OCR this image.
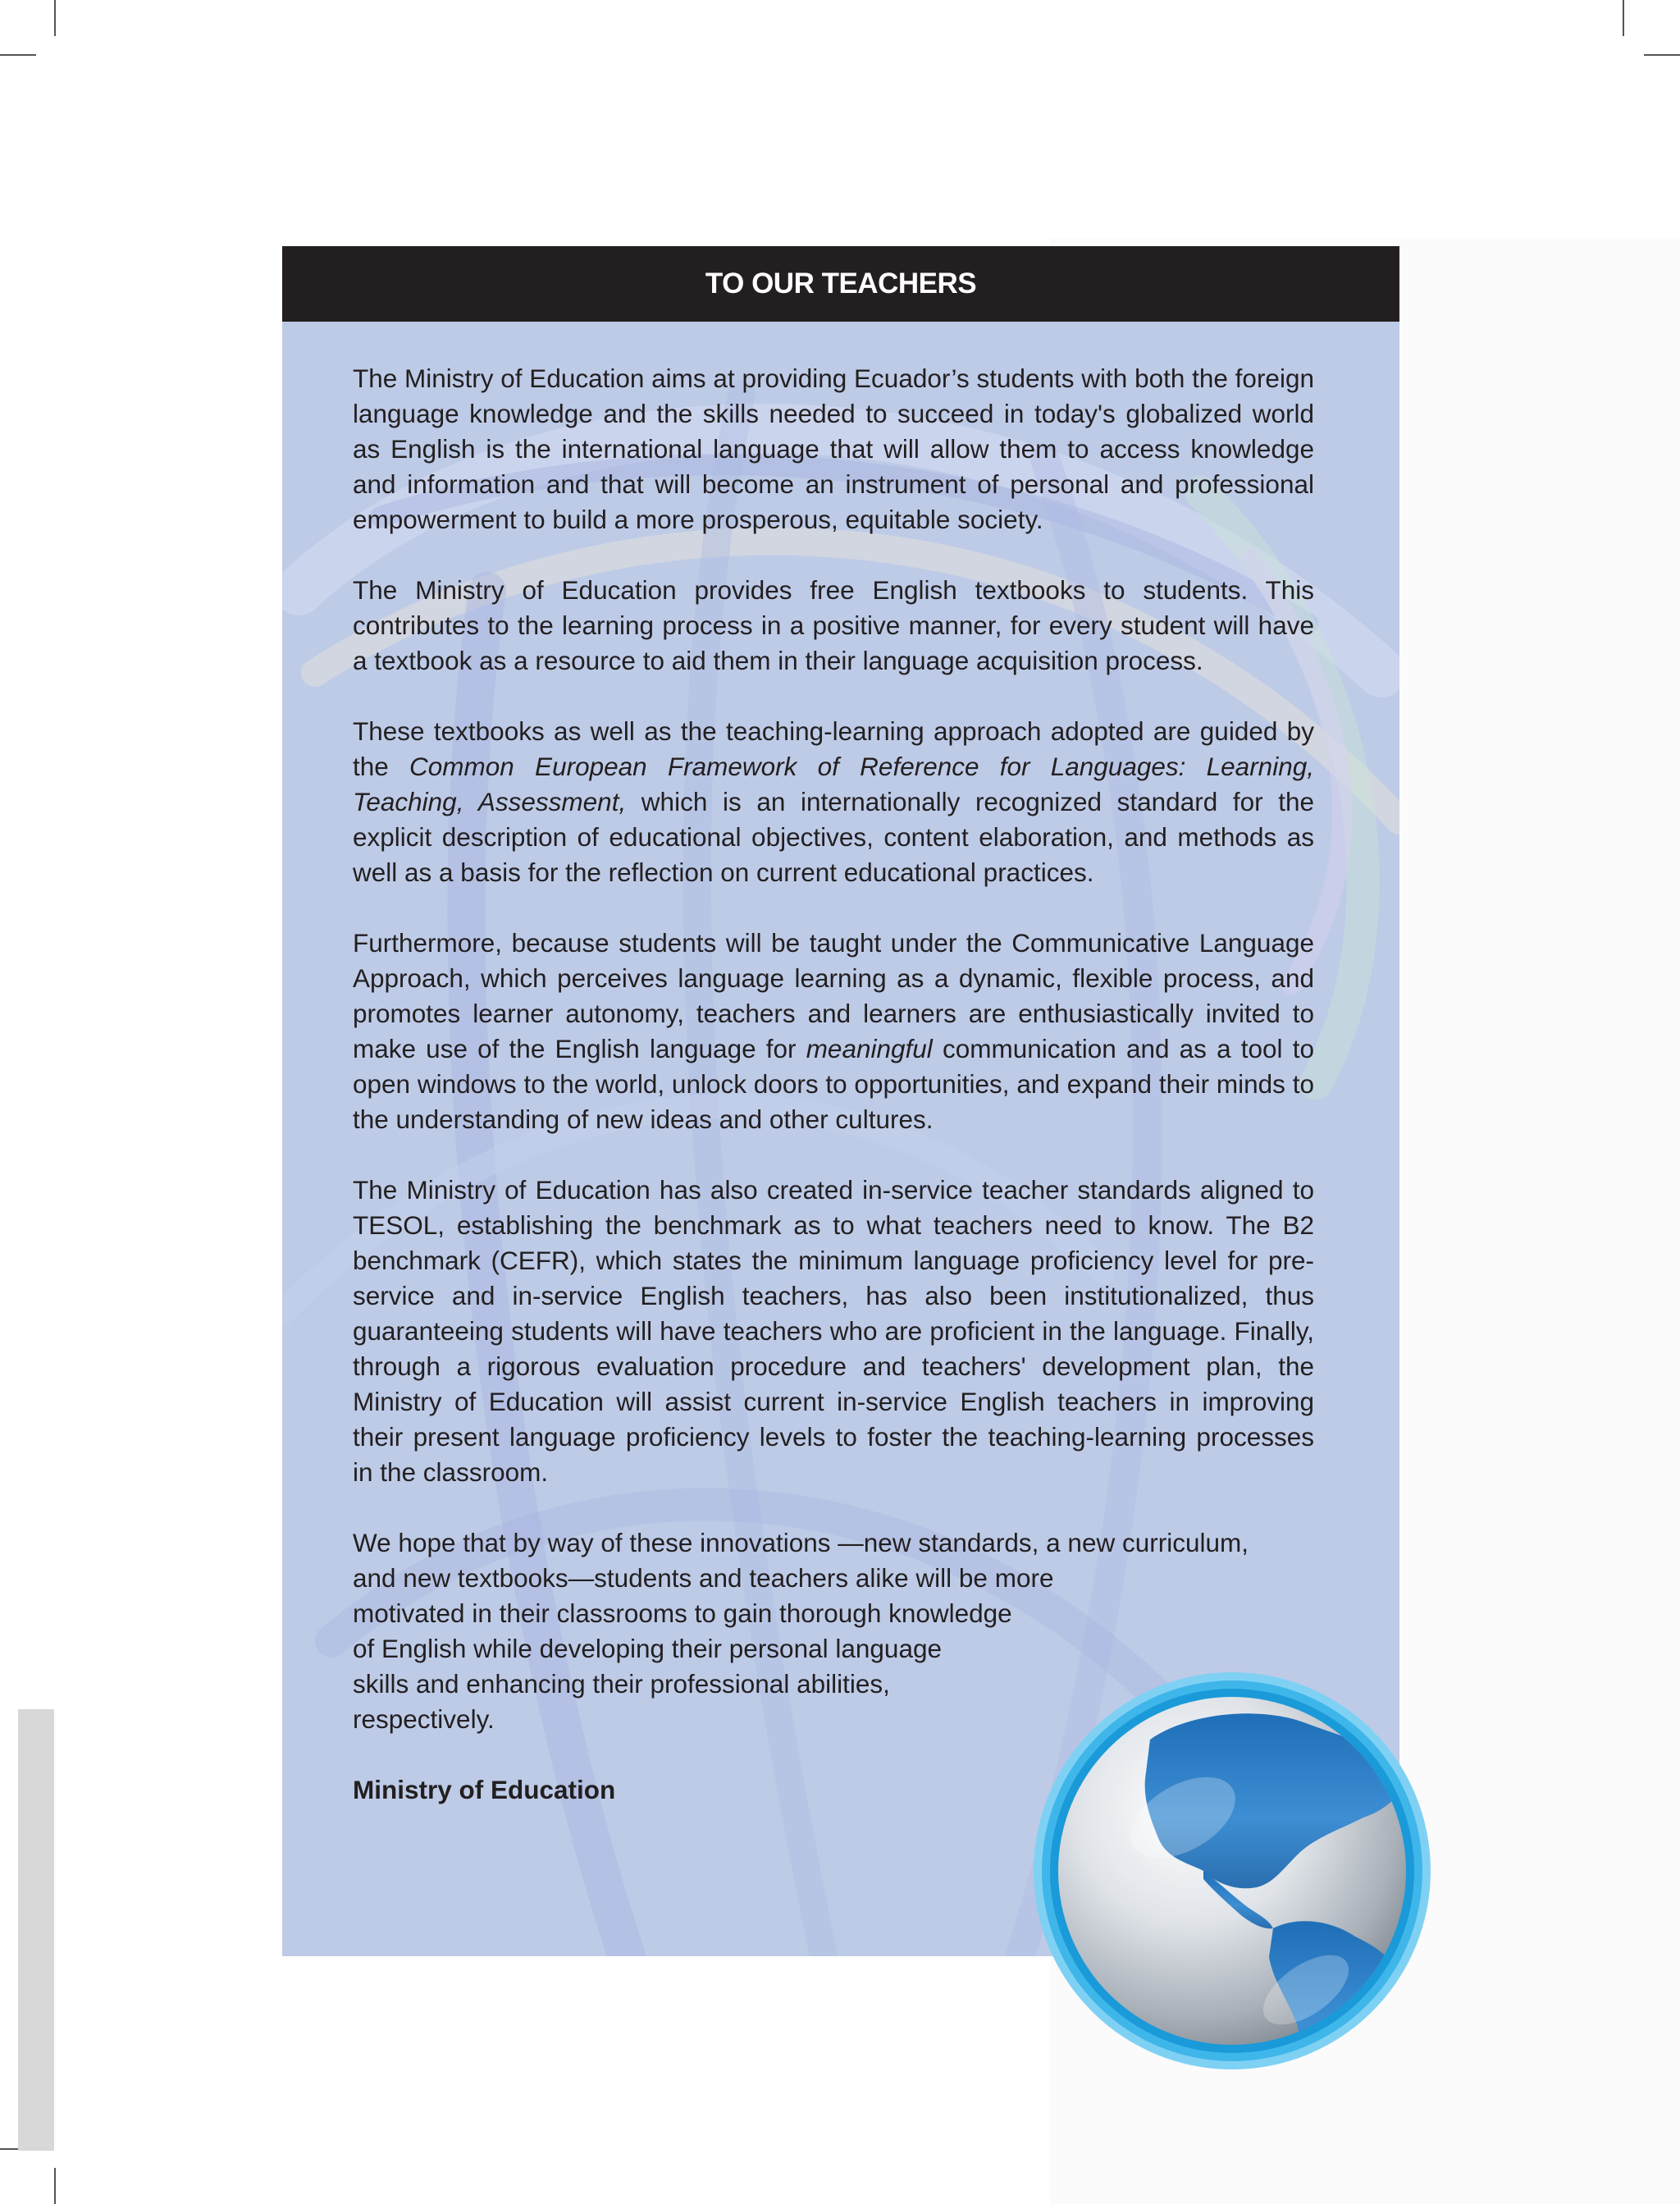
TO OUR TEACHERS

The Ministry of Education aims at providing Ecuador’s students with both the foreign language knowledge and the skills needed to succeed in today's globalized world as English is the international language that will allow them to access knowledge and information and that will become an instrument of personal and professional empowerment to build a more prosperous, equitable society.

The Ministry of Education provides free English textbooks to students. This contributes to the learning process in a positive manner, for every student will have a textbook as a resource to aid them in their language acquisition process.

These textbooks as well as the teaching-learning approach adopted are guided by the Common European Framework of Reference for Languages: Learning, Teaching, Assessment, which is an internationally recognized standard for the explicit description of educational objectives, content elaboration, and methods as well as a basis for the reflection on current educational practices.

Furthermore, because students will be taught under the Communicative Language Approach, which perceives language learning as a dynamic, flexible process, and promotes learner autonomy, teachers and learners are enthusiastically invited to make use of the English language for meaningful communication and as a tool to open windows to the world, unlock doors to opportunities, and expand their minds to the understanding of new ideas and other cultures.

The Ministry of Education has also created in-service teacher standards aligned to TESOL, establishing the benchmark as to what teachers need to know. The B2 benchmark (CEFR), which states the minimum language proficiency level for pre-service and in-service English teachers, has also been institutionalized, thus guaranteeing students will have teachers who are proficient in the language. Finally, through a rigorous evaluation procedure and teachers' development plan, the Ministry of Education will assist current in-service English teachers in improving their present language proficiency levels to foster the teaching-learning processes in the classroom.

We hope that by way of these innovations —new standards, a new curriculum,
and new textbooks—students and teachers alike will be more
motivated in their classrooms to gain thorough knowledge
of English while developing their personal language
skills and enhancing their professional abilities,
respectively.

Ministry of Education
